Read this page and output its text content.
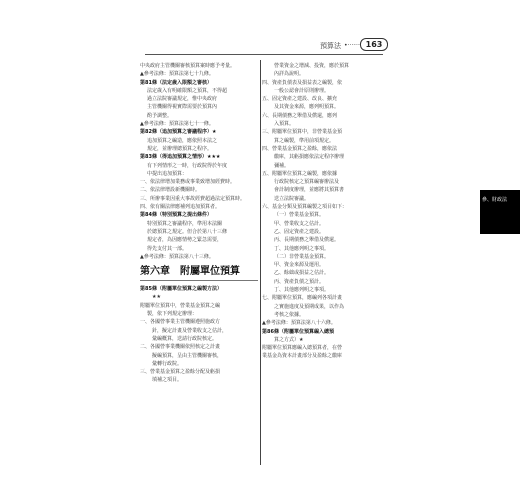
預算法 •······· 163
中央政府主管機關審核預算案時應予考量。
▲參考法條：預算法第七十九條。
第81條（法定歲入限額之審核）
法定歲入有明確限額之預算，不得超
過立法院審議規定，惟中央政府
主管機關得視實際需要於預算內
酌予調整。
▲參考法條：預算法第七十一條。
第82條（追加預算之審議程序）★
追加預算之編造，應依照本法之
規定，並辦理總預算之程序。
第83條（得追加預算之情形）★★★
有下列情形之一時，行政院得於年度
中提出追加預算：
一、依法律增加業務或事業致增加經費時。
二、依法律增設新機關時。
三、所辦事業因重大事故經費超過法定預算時。
四、依有關法律應補列追加預算者。
第84條（特別預算之提出條件）
特別預算之審議程序，準用本法關
於總預算之規定。但合於第八十三條
規定者，為因應情勢之緊急需要，
得先支付其一部。
▲參考法條：預算法第八十三條。
第六章　附屬單位預算
第85條（附屬單位預算之編製方法）
★★
附屬單位預算中，營業基金預算之編
製，依下列規定辦理：
一、各國營事業主管機關遵照施政方
針，擬定計畫及營業收支之估計，
彙編概算，送請行政院核定。
二、各國營事業機關依照核定之計畫
擬編預算，呈由主管機關審核，
彙轉行政院。
三、營業基金預算之盈餘分配及虧損
填補之項目。
營業資金之增減、投資，應於預算
內詳為說明。
四、資產負債表及損益表之編製，依
一般公認會計原則辦理。
五、固定資產之建設、改良、擴充
及其資金來源，應列明預算。
六、長期債務之舉借及償還，應列
入預算。
三、附屬單位預算中，非營業基金預
算之編製，準用前項規定。
四、營業基金預算之盈餘，應依法
繳庫，其虧損應依法定程序辦理
彌補。
五、附屬單位預算之編製，應依據
行政院核定之預算編審辦法及
會計制度辦理，並應將其預算書
送立法院審議。
六、基金分類及預算編製之項目如下：
（一）營業基金預算。
甲、營業收支之估計。
乙、固定資產之建設。
丙、長期債務之舉借及償還。
丁、其他應列明之事項。
（二）非營業基金預算。
甲、資金來源及運用。
乙、餘絀或損益之估計。
丙、資產負債之預計。
丁、其他應列明之事項。
七、附屬單位預算，應編列各項計畫
之實施進度及預期成果，以作為
考核之依據。
▲參考法條：預算法第八十六條。
第86條（附屬單位預算編入總預
算之方式）★
附屬單位預算應編入總預算者，在營
業基金為資本計畫部分及盈餘之繳庫
參、財政法
